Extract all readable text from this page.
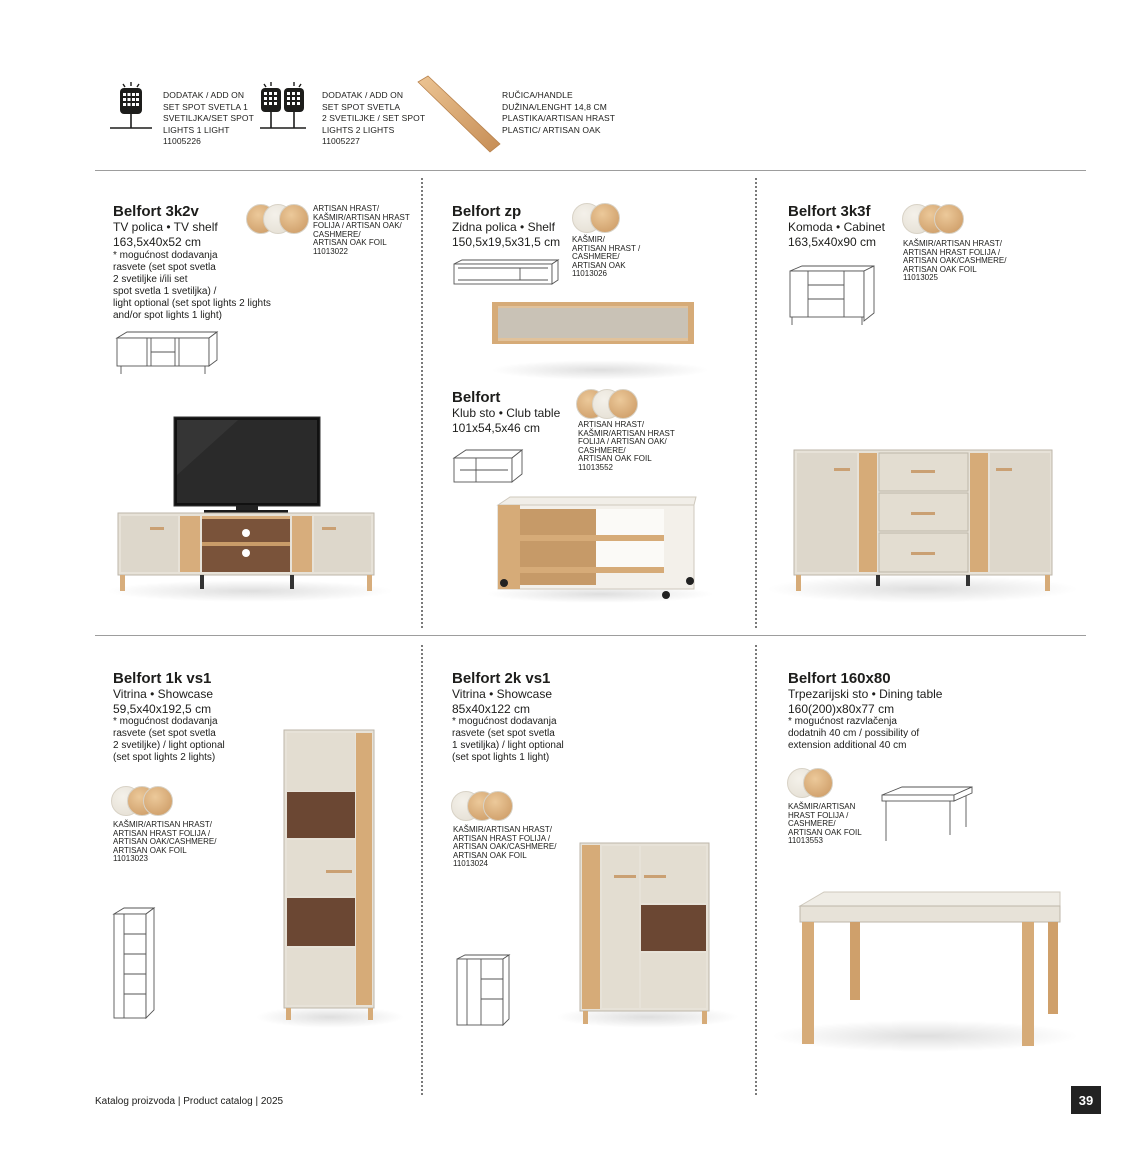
DODATAK / ADD ON
SET SPOT SVETLA 1
SVETILJKA/SET SPOT
LIGHTS 1 LIGHT
11005226
DODATAK / ADD ON
SET SPOT SVETLA
2 SVETILJKE / SET SPOT
LIGHTS 2 LIGHTS
11005227
RUČICA/HANDLE
DUŽINA/LENGHT 14,8 CM
PLASTIKA/ARTISAN HRAST
PLASTIC/ ARTISAN OAK
Belfort 3k2v
TV polica • TV shelf
163,5x40x52 cm
* mogućnost dodavanja
rasvete (set spot svetla
2 svetiljke i/ili set
spot svetla 1 svetiljka) /
light optional (set spot lights 2 lights
and/or spot lights 1 light)
ARTISAN HRAST/
KAŠMIR/ARTISAN HRAST
FOLIJA / ARTISAN OAK/
CASHMERE/
ARTISAN OAK FOIL
11013022
Belfort zp
Zidna polica • Shelf
150,5x19,5x31,5 cm KAŠMIR/
ARTISAN HRAST /
CASHMERE/
ARTISAN OAK
11013026
Belfort
Klub sto • Club table
101x54,5x46 cm	ARTISAN HRAST/
KAŠMIR/ARTISAN HRAST
FOLIJA / ARTISAN OAK/
CASHMERE/
ARTISAN OAK FOIL
11013552
Belfort 3k3f
Komoda • Cabinet
163,5x40x90 cm	KAŠMIR/ARTISAN HRAST/
ARTISAN HRAST FOLIJA /
ARTISAN OAK/CASHMERE/
ARTISAN OAK FOIL
11013025
Belfort 1k vs1
Vitrina • Showcase
59,5x40x192,5 cm
* mogućnost dodavanja
rasvete (set spot svetla
2 svetiljke) / light optional
(set spot lights 2 lights)
KAŠMIR/ARTISAN HRAST/
ARTISAN HRAST FOLIJA /
ARTISAN OAK/CASHMERE/
ARTISAN OAK FOIL
11013023
Belfort 2k vs1
Vitrina • Showcase
85x40x122 cm
* mogućnost dodavanja
rasvete (set spot svetla
1 svetiljka) / light optional
(set spot lights 1 light)
KAŠMIR/ARTISAN HRAST/
ARTISAN HRAST FOLIJA /
ARTISAN OAK/CASHMERE/
ARTISAN OAK FOIL
11013024
Belfort 160x80
Trpezarijski sto • Dining table
160(200)x80x77 cm
* mogućnost razvlačenja
dodatnih 40 cm / possibility of
extension additional 40 cm
KAŠMIR/ARTISAN
HRAST FOLIJA /
CASHMERE/
ARTISAN OAK FOIL
11013553
Katalog proizvoda | Product catalog | 2025	39
